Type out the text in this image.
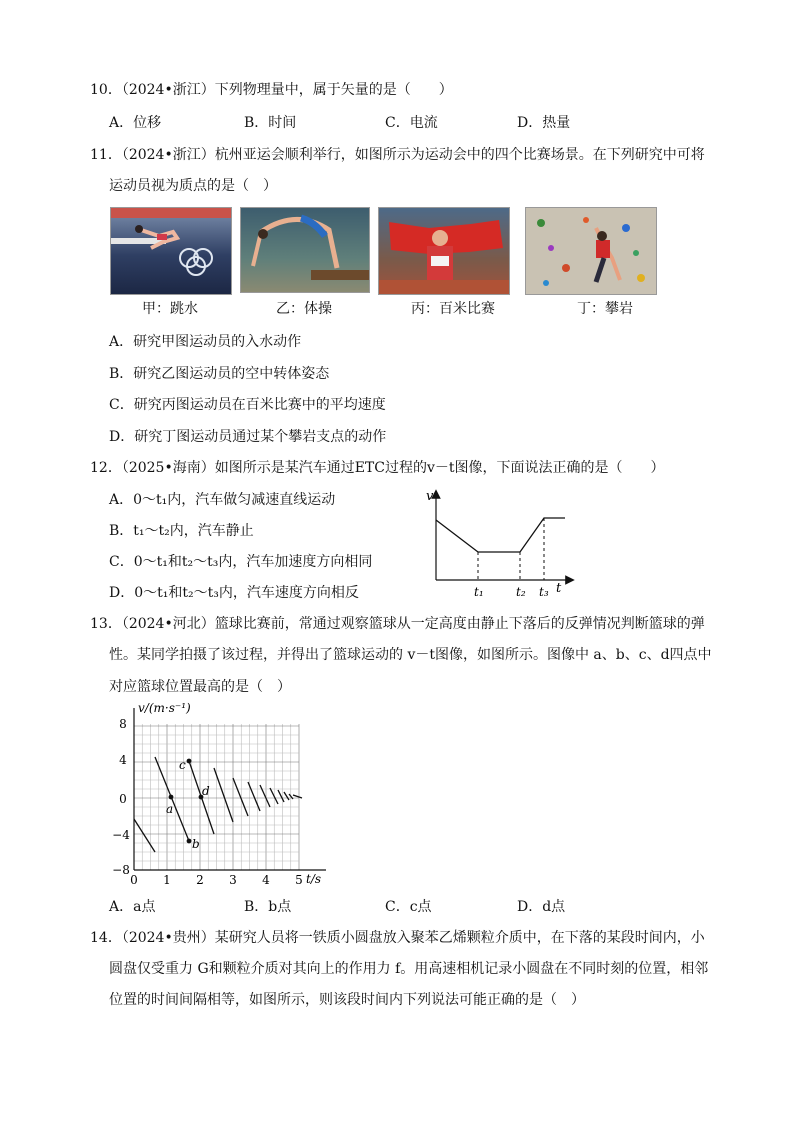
10．（2024•浙江）下列物理量中，属于矢量的是（　　）
A．位移	B．时间	C．电流	D．热量
11．（2024•浙江）杭州亚运会顺利举行，如图所示为运动会中的四个比赛场景。在下列研究中可将
运动员视为质点的是（　）
甲：跳水	乙：体操	丙：百米比赛	丁：攀岩
A．研究甲图运动员的入水动作
B．研究乙图运动员的空中转体姿态
C．研究丙图运动员在百米比赛中的平均速度
D．研究丁图运动员通过某个攀岩支点的动作
12．（2025•海南）如图所示是某汽车通过ETC过程的v－t图像，下面说法正确的是（　　）
A．0～t₁内，汽车做匀减速直线运动
B．t₁～t₂内，汽车静止
C．0～t₁和t₂～t₃内，汽车加速度方向相同
D．0～t₁和t₂～t₃内，汽车速度方向相反
v
t
t₁	t₂ t₃
13．（2024•河北）篮球比赛前，常通过观察篮球从一定高度由静止下落后的反弹情况判断篮球的弹
性。某同学拍摄了该过程，并得出了篮球运动的 v－t图像，如图所示。图像中 a、b、c、d四点中
对应篮球位置最高的是（　）
v/(m·s⁻¹)
t/s
8
4
0
−4
−8
0 1 2 3 4 5
a
b
c
d
A．a点	B．b点	C．c点	D．d点
14．（2024•贵州）某研究人员将一铁质小圆盘放入聚苯乙烯颗粒介质中，在下落的某段时间内，小
圆盘仅受重力 G和颗粒介质对其向上的作用力 f。用高速相机记录小圆盘在不同时刻的位置，相邻
位置的时间间隔相等，如图所示，则该段时间内下列说法可能正确的是（　）
